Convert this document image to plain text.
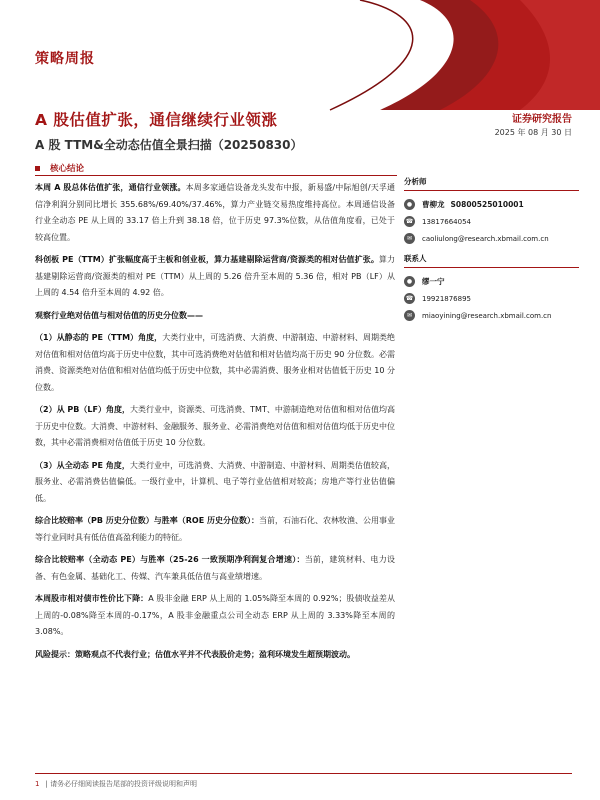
策略周报
A 股估值扩张，通信继续行业领涨
A 股 TTM&全动态估值全景扫描（20250830）
证券研究报告
2025 年 08 月 30 日
核心结论

本周 A 股总体估值扩张，通信行业领涨。本周多家通信设备龙头发布中报，新易盛/中际旭创/天孚通信净利润分别同比增长 355.68%/69.40%/37.46%，算力产业链交易热度维持高位。本周通信设备行业全动态 PE 从上周的 33.17 倍上升到 38.18 倍，位于历史 97.3%位数，从估值角度看，已处于较高位置。

科创板 PE（TTM）扩张幅度高于主板和创业板，算力基建剔除运营商/资源类的相对估值扩张。算力基建剔除运营商/资源类的相对 PE（TTM）从上周的 5.26 倍升至本周的 5.36 倍，相对 PB（LF）从上周的 4.54 倍升至本周的 4.92 倍。

观察行业绝对估值与相对估值的历史分位数——

（1）从静态的 PE（TTM）角度，大类行业中，可选消费、大消费、中游制造、中游材料、周期类绝对估值和相对估值均高于历史中位数，其中可选消费绝对估值和相对估值均高于历史 90 分位数。必需消费、资源类绝对估值和相对估值均低于历史中位数，其中必需消费、服务业相对估值低于历史 10 分位数。

（2）从 PB（LF）角度，大类行业中，资源类、可选消费、TMT、中游制造绝对估值和相对估值均高于历史中位数。大消费、中游材料、金融服务、服务业、必需消费绝对估值和相对估值均低于历史中位数，其中必需消费相对估值低于历史 10 分位数。

（3）从全动态 PE 角度，大类行业中，可选消费、大消费、中游制造、中游材料、周期类估值较高，服务业、必需消费估值偏低。一级行业中，计算机、电子等行业估值相对较高；房地产等行业估值偏低。

综合比较赔率（PB 历史分位数）与胜率（ROE 历史分位数）：当前，石油石化、农林牧渔、公用事业等行业同时具有低估值高盈利能力的特征。

综合比较赔率（全动态 PE）与胜率（25-26 一致预期净利润复合增速）：当前，建筑材料、电力设备、有色金属、基础化工、传媒、汽车兼具低估值与高业绩增速。

本周股市相对债市性价比下降：A 股非金融 ERP 从上周的 1.05%降至本周的 0.92%；股债收益差从上周的-0.08%降至本周的-0.17%，A 股非金融重点公司全动态 ERP 从上周的 3.33%降至本周的 3.08%。

风险提示：策略观点不代表行业；估值水平并不代表股价走势；盈利环境发生超预期波动。

分析师
●	曹柳龙 S0800525010001
☎ 13817664054
✉	caoliulong@research.xbmail.com.cn
联系人
●	缪一宁
☎ 19921876895
✉	miaoyining@research.xbmail.com.cn
1 | 请务必仔细阅读报告尾部的投资评级说明和声明
